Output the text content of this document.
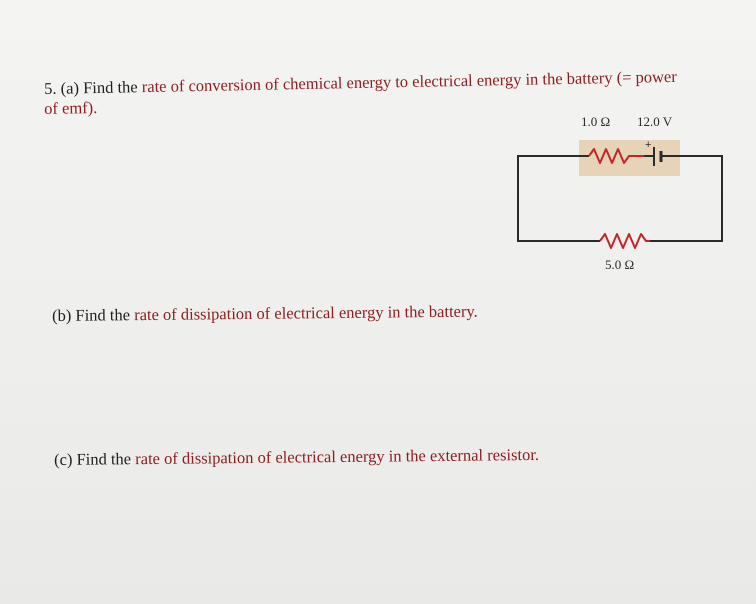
5. (a) Find the rate of conversion of chemical energy to electrical energy in the battery (= power
of emf).
1.0 Ω 12.0 V
+
5.0 Ω
(b) Find the rate of dissipation of electrical energy in the battery.
(c) Find the rate of dissipation of electrical energy in the external resistor.
